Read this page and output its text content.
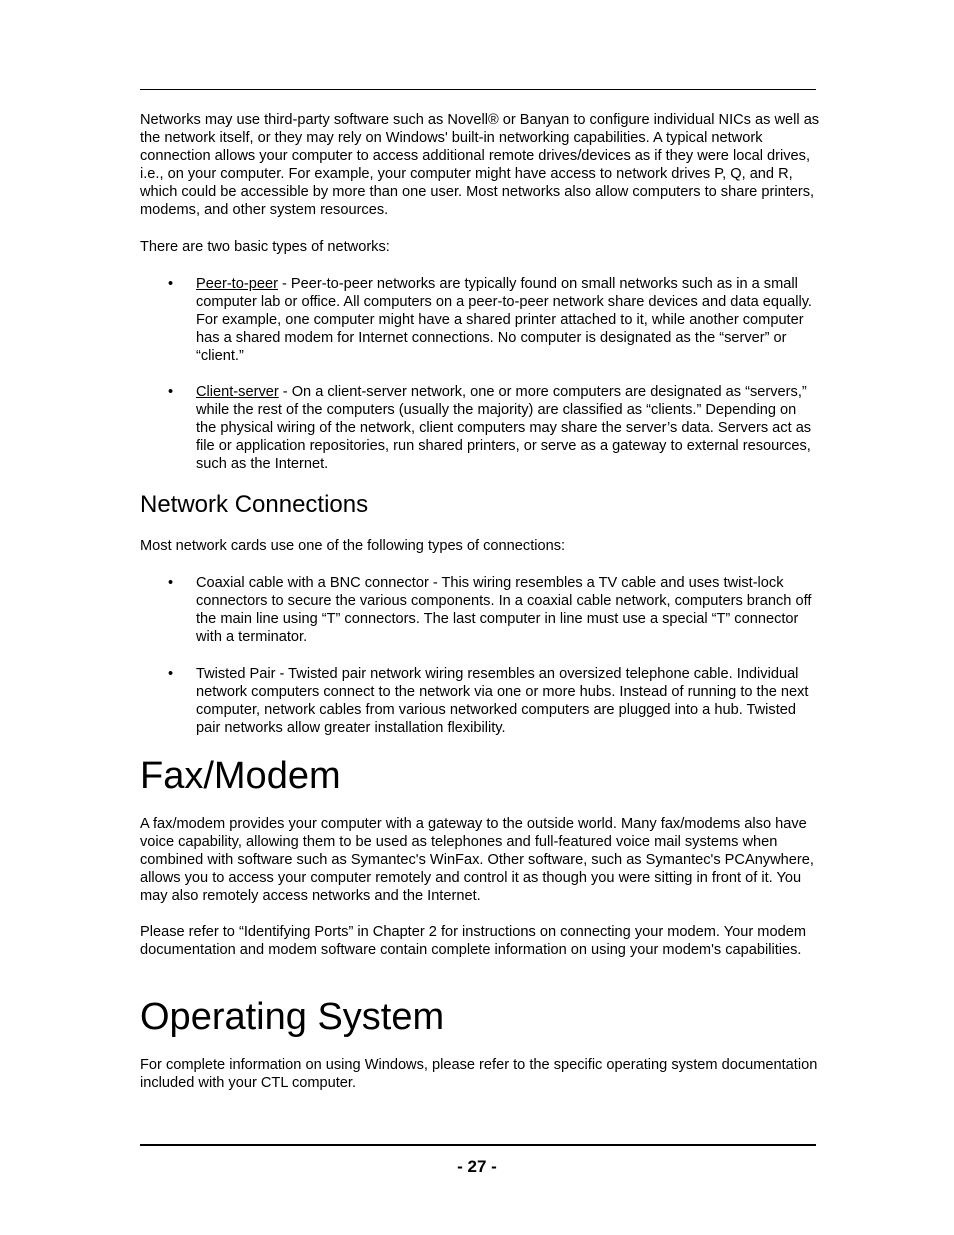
Networks may use third-party software such as Novell® or Banyan to configure individual NICs as well as the network itself, or they may rely on Windows' built-in networking capabilities. A typical network connection allows your computer to access additional remote drives/devices as if they were local drives, i.e., on your computer. For example, your computer might have access to network drives P, Q, and R, which could be accessible by more than one user. Most networks also allow computers to share printers, modems, and other system resources.

There are two basic types of networks:

• Peer-to-peer - Peer-to-peer networks are typically found on small networks such as in a small computer lab or office. All computers on a peer-to-peer network share devices and data equally. For example, one computer might have a shared printer attached to it, while another computer has a shared modem for Internet connections. No computer is designated as the “server” or “client.”
• Client-server - On a client-server network, one or more computers are designated as “servers,” while the rest of the computers (usually the majority) are classified as “clients.” Depending on the physical wiring of the network, client computers may share the server’s data. Servers act as file or application repositories, run shared printers, or serve as a gateway to external resources, such as the Internet.
Network Connections

Most network cards use one of the following types of connections:

• Coaxial cable with a BNC connector - This wiring resembles a TV cable and uses twist-lock connectors to secure the various components. In a coaxial cable network, computers branch off the main line using “T” connectors. The last computer in line must use a special “T” connector with a terminator.
• Twisted Pair - Twisted pair network wiring resembles an oversized telephone cable. Individual network computers connect to the network via one or more hubs. Instead of running to the next computer, network cables from various networked computers are plugged into a hub. Twisted pair networks allow greater installation flexibility.
Fax/Modem

A fax/modem provides your computer with a gateway to the outside world. Many fax/modems also have voice capability, allowing them to be used as telephones and full-featured voice mail systems when combined with software such as Symantec's WinFax. Other software, such as Symantec's PCAnywhere, allows you to access your computer remotely and control it as though you were sitting in front of it. You may also remotely access networks and the Internet.

Please refer to “Identifying Ports” in Chapter 2 for instructions on connecting your modem. Your modem documentation and modem software contain complete information on using your modem's capabilities.

Operating System

For complete information on using Windows, please refer to the specific operating system documentation included with your CTL computer.

- 27 -
